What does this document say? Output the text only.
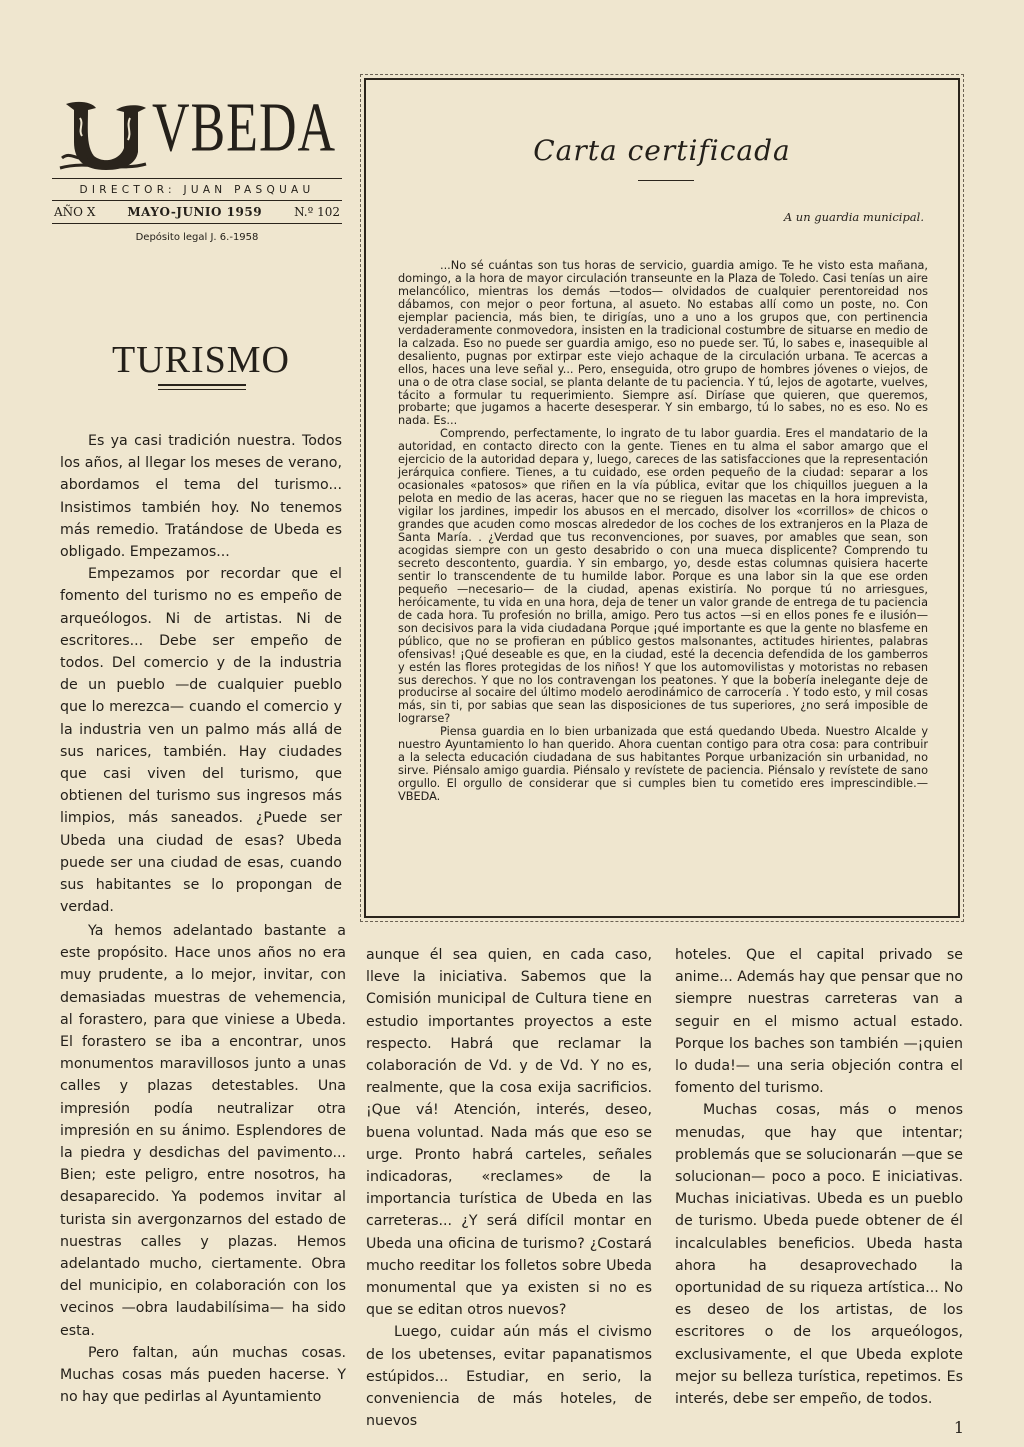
VBEDA
DIRECTOR: JUAN PASQUAU
AÑO X	MAYO-JUNIO 1959	N.º 102
Depósito legal J. 6.-1958
TURISMO

Es ya casi tradición nuestra. Todos los años, al llegar los meses de verano, abordamos el tema del turismo... Insistimos también hoy. No tenemos más remedio. Tratándose de Ubeda es obligado. Empezamos...

Empezamos por recordar que el fomento del turismo no es empeño de arqueólogos. Ni de artistas. Ni de escritores... Debe ser empeño de todos. Del comercio y de la industria de un pueblo —de cualquier pueblo que lo merezca— cuando el comercio y la industria ven un palmo más allá de sus narices, también. Hay ciudades que casi viven del turismo, que obtienen del turismo sus ingresos más limpios, más saneados. ¿Puede ser Ubeda una ciudad de esas? Ubeda puede ser una ciudad de esas, cuando sus habitantes se lo propongan de verdad.

Ya hemos adelantado bastante a este propósito. Hace unos años no era muy prudente, a lo mejor, invitar, con demasiadas muestras de vehemencia, al forastero, para que viniese a Ubeda. El forastero se iba a encontrar, unos monumentos maravillosos junto a unas calles y plazas detestables. Una impresión podía neutralizar otra impresión en su ánimo. Esplendores de la piedra y desdichas del pavimento... Bien; este peligro, entre nosotros, ha desaparecido. Ya podemos invitar al turista sin avergonzarnos del estado de nuestras calles y plazas. Hemos adelantado mucho, ciertamente. Obra del municipio, en colaboración con los vecinos —obra laudabilísima— ha sido esta.

Pero faltan, aún muchas cosas. Muchas cosas más pueden hacerse. Y no hay que pedirlas al Ayuntamiento

aunque él sea quien, en cada caso, lleve la iniciativa. Sabemos que la Comisión municipal de Cultura tiene en estudio importantes proyectos a este respecto. Habrá que reclamar la colaboración de Vd. y de Vd. Y no es, realmente, que la cosa exija sacrificios. ¡Que vá! Atención, interés, deseo, buena voluntad. Nada más que eso se urge. Pronto habrá carteles, señales indicadoras, «reclames» de la importancia turística de Ubeda en las carreteras... ¿Y será difícil montar en Ubeda una oficina de turismo? ¿Costará mucho reeditar los folletos sobre Ubeda monumental que ya existen si no es que se editan otros nuevos?

Luego, cuidar aún más el civismo de los ubetenses, evitar papanatismos estúpidos... Estudiar, en serio, la conveniencia de más hoteles, de nuevos

hoteles. Que el capital privado se anime... Además hay que pensar que no siempre nuestras carreteras van a seguir en el mismo actual estado. Porque los baches son también —¡quien lo duda!— una seria objeción contra el fomento del turismo.

Muchas cosas, más o menos menudas, que hay que intentar; problemás que se solucionarán —que se solucionan— poco a poco. E iniciativas. Muchas iniciativas. Ubeda es un pueblo de turismo. Ubeda puede obtener de él incalculables beneficios. Ubeda hasta ahora ha desaprovechado la oportunidad de su riqueza artística... No es deseo de los artistas, de los escritores o de los arqueólogos, exclusivamente, el que Ubeda explote mejor su belleza turística, repetimos. Es interés, debe ser empeño, de todos.

Carta certificada
A un guardia municipal.

...No sé cuántas son tus horas de servicio, guardia amigo. Te he visto esta mañana, domingo, a la hora de mayor circulación transeunte en la Plaza de Toledo. Casi tenías un aire melancólico, mientras los demás —todos— olvidados de cualquier perentoreidad nos dábamos, con mejor o peor fortuna, al asueto. No estabas allí como un poste, no. Con ejemplar paciencia, más bien, te dirigías, uno a uno a los grupos que, con pertinencia verdaderamente conmovedora, insisten en la tradicional costumbre de situarse en medio de la calzada. Eso no puede ser guardia amigo, eso no puede ser. Tú, lo sabes e, inasequible al desaliento, pugnas por extirpar este viejo achaque de la circulación urbana. Te acercas a ellos, haces una leve señal y... Pero, enseguida, otro grupo de hombres jóvenes o viejos, de una o de otra clase social, se planta delante de tu paciencia. Y tú, lejos de agotarte, vuelves, tácito a formular tu requerimiento. Siempre así. Diríase que quieren, que queremos, probarte; que jugamos a hacerte desesperar. Y sin embargo, tú lo sabes, no es eso. No es nada. Es...

Comprendo, perfectamente, lo ingrato de tu labor guardia. Eres el mandatario de la autoridad, en contacto directo con la gente. Tienes en tu alma el sabor amargo que el ejercicio de la autoridad depara y, luego, careces de las satisfacciones que la representación jerárquica confiere. Tienes, a tu cuidado, ese orden pequeño de la ciudad: separar a los ocasionales «patosos» que riñen en la vía pública, evitar que los chiquillos jueguen a la pelota en medio de las aceras, hacer que no se rieguen las macetas en la hora imprevista, vigilar los jardines, impedir los abusos en el mercado, disolver los «corrillos» de chicos o grandes que acuden como moscas alrededor de los coches de los extranjeros en la Plaza de Santa María. . ¿Verdad que tus reconvenciones, por suaves, por amables que sean, son acogidas siempre con un gesto desabrido o con una mueca displicente? Comprendo tu secreto descontento, guardia. Y sin embargo, yo, desde estas columnas quisiera hacerte sentir lo transcendente de tu humilde labor. Porque es una labor sin la que ese orden pequeño —necesario— de la ciudad, apenas existiría. No porque tú no arriesgues, heróicamente, tu vida en una hora, deja de tener un valor grande de entrega de tu paciencia de cada hora. Tu profesión no brilla, amigo. Pero tus actos —si en ellos pones fe e ilusión— son decisivos para la vida ciudadana Porque ¡qué importante es que la gente no blasfeme en público, que no se profieran en público gestos malsonantes, actitudes hirientes, palabras ofensivas! ¡Qué deseable es que, en la ciudad, esté la decencia defendida de los gamberros y estén las flores protegidas de los niños! Y que los automovilistas y motoristas no rebasen sus derechos. Y que no los contravengan los peatones. Y que la bobería inelegante deje de producirse al socaire del último modelo aerodinámico de carrocería . Y todo esto, y mil cosas más, sin ti, por sabias que sean las disposiciones de tus superiores, ¿no será imposible de lograrse?

Piensa guardia en lo bien urbanizada que está quedando Ubeda. Nuestro Alcalde y nuestro Ayuntamiento lo han querido. Ahora cuentan contigo para otra cosa: para contribuir a la selecta educación ciudadana de sus habitantes Porque urbanización sin urbanidad, no sirve. Piénsalo amigo guardia. Piénsalo y revístete de paciencia. Piénsalo y revístete de sano orgullo. El orgullo de considerar que si cumples bien tu cometido eres imprescindible.—VBEDA.

1
